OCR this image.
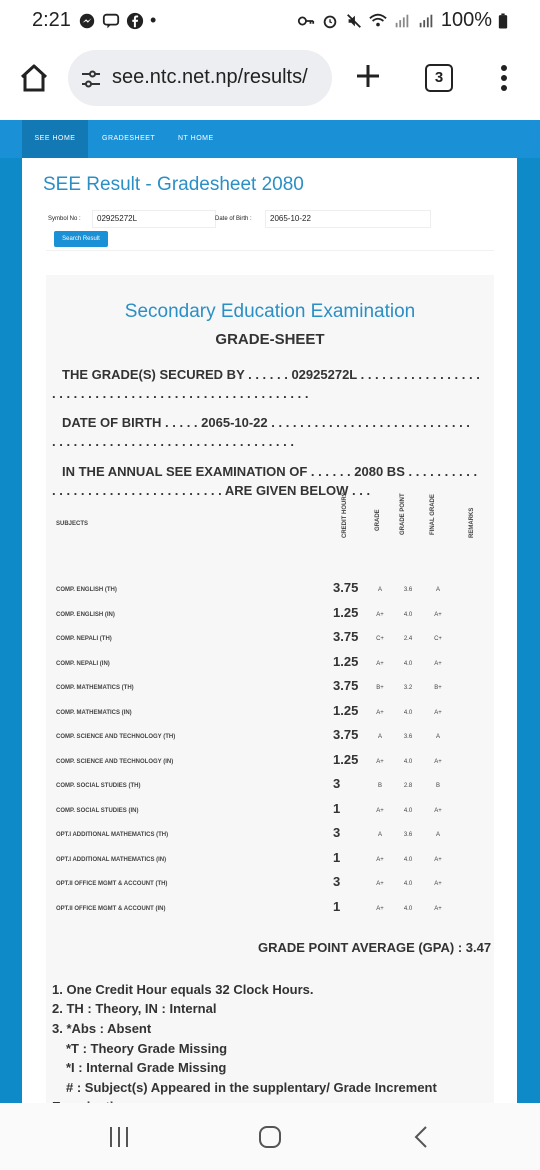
2:21	•	100%
see.ntc.net.np/results/	3
SEE HOME	GRADESHEET	NT HOME
SEE Result - Gradesheet 2080
Symbol No :	02925272L	Date of Birth :	2065-10-22
Search Result
Secondary Education Examination
GRADE-SHEET
THE GRADE(S) SECURED BY . . . . . . 02925272L . . . . . . . . . . . . . . . . .
. . . . . . . . . . . . . . . . . . . . . . . . . . . . . . . . . . . .
DATE OF BIRTH . . . . . 2065-10-22 . . . . . . . . . . . . . . . . . . . . . . . . . . . .
. . . . . . . . . . . . . . . . . . . . . . . . . . . . . . . . . .
IN THE ANNUAL SEE EXAMINATION OF . . . . . . 2080 BS . . . . . . . . . .
. . . . . . . . . . . . . . . . . . . . . . . . ARE GIVEN BELOW . . .
SUBJECTS	CREDIT HOURS	GRADE	GRADE POINT	FINAL GRADE	REMARKS
COMP. ENGLISH (TH)	3.75	A	3.6	A
COMP. ENGLISH (IN)	1.25	A+	4.0	A+
COMP. NEPALI (TH)	3.75	C+	2.4	C+
COMP. NEPALI (IN)	1.25	A+	4.0	A+
COMP. MATHEMATICS (TH)	3.75	B+	3.2	B+
COMP. MATHEMATICS (IN)	1.25	A+	4.0	A+
COMP. SCIENCE AND TECHNOLOGY (TH)	3.75	A	3.6	A
COMP. SCIENCE AND TECHNOLOGY (IN)	1.25	A+	4.0	A+
COMP. SOCIAL STUDIES (TH)	3	B	2.8	B
COMP. SOCIAL STUDIES (IN)	1	A+	4.0	A+
OPT.I ADDITIONAL MATHEMATICS (TH)	3	A	3.6	A
OPT.I ADDITIONAL MATHEMATICS (IN)	1	A+	4.0	A+
OPT.II OFFICE MGMT & ACCOUNT (TH)	3	A+	4.0	A+
OPT.II OFFICE MGMT & ACCOUNT (IN)	1	A+	4.0	A+
GRADE POINT AVERAGE (GPA) : 3.47
1. One Credit Hour equals 32 Clock Hours.
2. TH : Theory, IN : Internal
3. *Abs : Absent
*T : Theory Grade Missing
*I : Internal Grade Missing
# : Subject(s) Appeared in the supplentary/ Grade Increment
